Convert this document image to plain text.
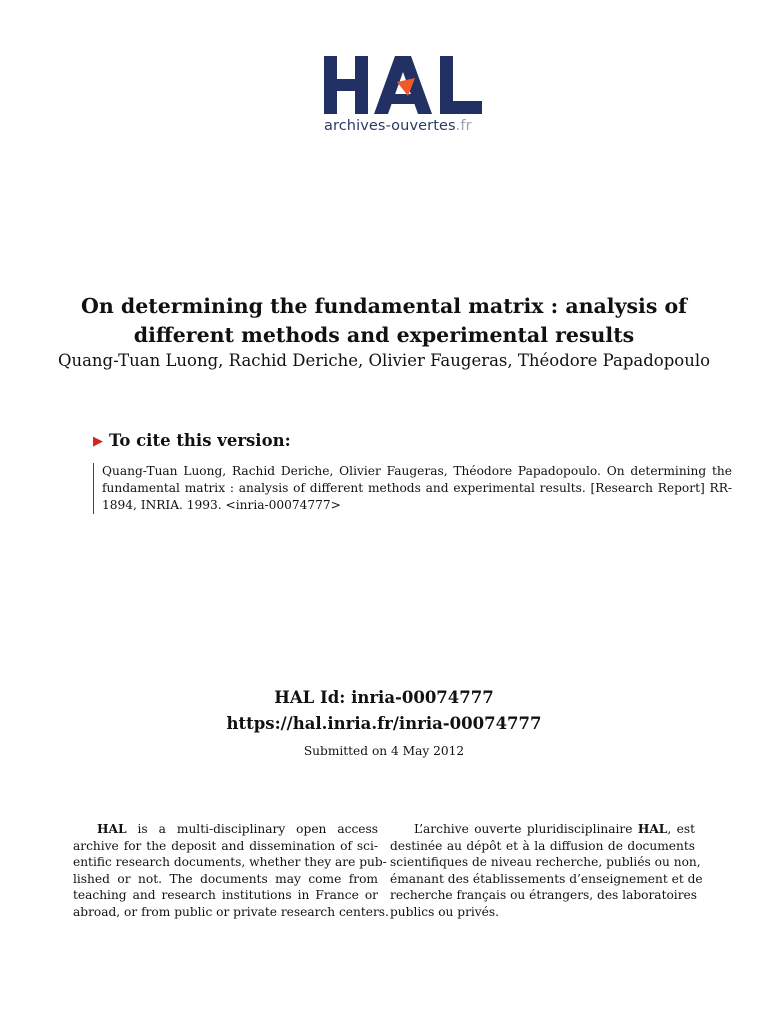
archives-ouvertes.fr
On determining the fundamental matrix : analysis of
different methods and experimental results

Quang-Tuan Luong, Rachid Deriche, Olivier Faugeras, Théodore Papadopoulo

▶ To cite this version:
Quang-Tuan Luong, Rachid Deriche, Olivier Faugeras, Théodore Papadopoulo. On determining the fundamental matrix : analysis of different methods and experimental results. [Research Report] RR-1894, INRIA. 1993. <inria-00074777>
HAL Id: inria-00074777
https://hal.inria.fr/inria-00074777
Submitted on 4 May 2012
HAL is a multi-disciplinary open access
archive for the deposit and dissemination of sci-
entific research documents, whether they are pub-
lished or not. The documents may come from
teaching and research institutions in France or
abroad, or from public or private research centers.
L’archive ouverte pluridisciplinaire HAL, est
destinée au dépôt et à la diffusion de documents
scientifiques de niveau recherche, publiés ou non,
émanant des établissements d’enseignement et de
recherche français ou étrangers, des laboratoires
publics ou privés.
